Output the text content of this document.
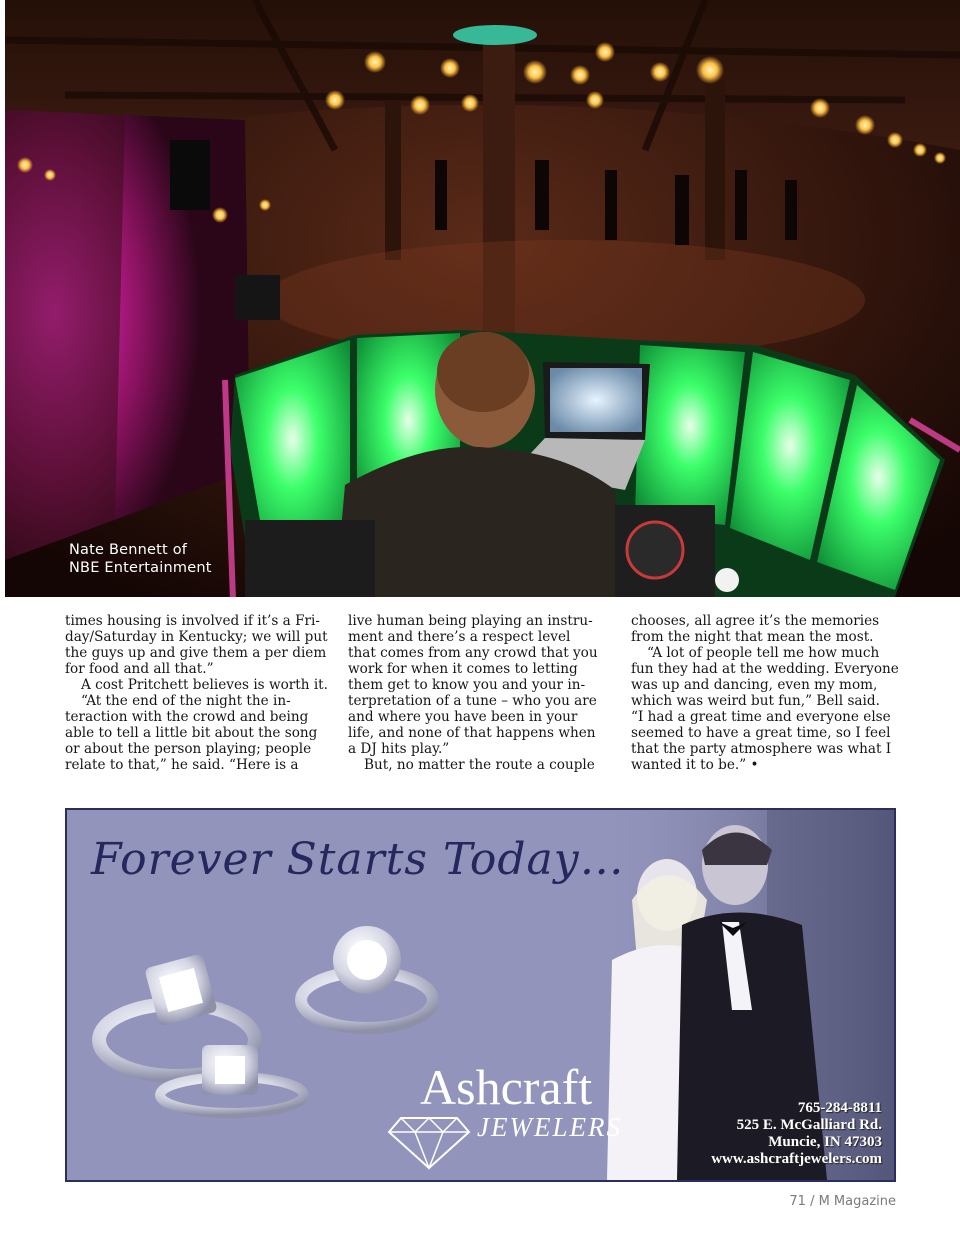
Nate Bennett of
NBE Entertainment
times housing is involved if it’s a Fri-
day/Saturday in Kentucky; we will put
the guys up and give them a per diem
for food and all that.”
A cost Pritchett believes is worth it.
“At the end of the night the in-
teraction with the crowd and being
able to tell a little bit about the song
or about the person playing; people
relate to that,” he said. “Here is a
live human being playing an instru-
ment and there’s a respect level
that comes from any crowd that you
work for when it comes to letting
them get to know you and your in-
terpretation of a tune – who you are
and where you have been in your
life, and none of that happens when
a DJ hits play.”
But, no matter the route a couple
chooses, all agree it’s the memories
from the night that mean the most.
“A lot of people tell me how much
fun they had at the wedding. Everyone
was up and dancing, even my mom,
which was weird but fun,” Bell said.
“I had a great time and everyone else
seemed to have a great time, so I feel
that the party atmosphere was what I
wanted it to be.” •
Forever Starts Today…
Ashcraft
JEWELERS
765-284-8811
525 E. McGalliard Rd.
Muncie, IN 47303
www.ashcraftjewelers.com
71 / M Magazine
